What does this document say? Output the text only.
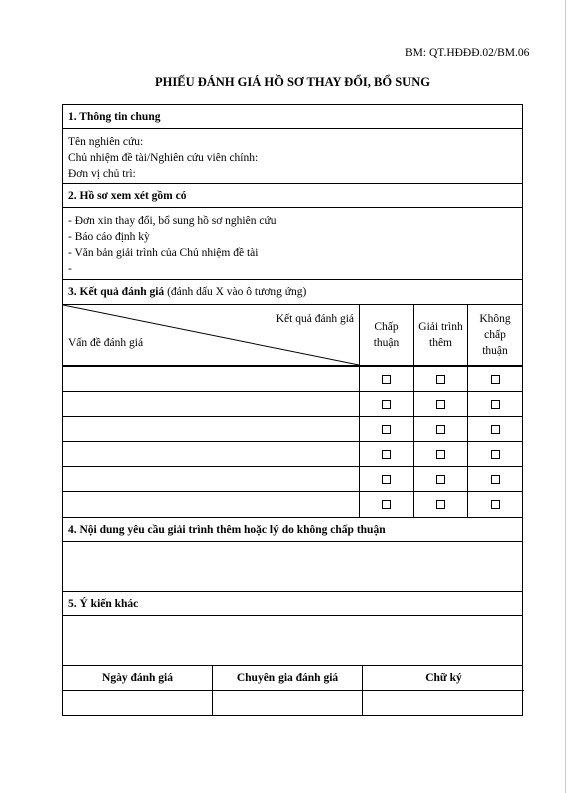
BM: QT.HĐĐĐ.02/BM.06
PHIẾU ĐÁNH GIÁ HỒ SƠ THAY ĐỔI, BỔ SUNG
1. Thông tin chung
Tên nghiên cứu:
Chủ nhiệm đề tài/Nghiên cứu viên chính:
Đơn vị chủ trì:
2. Hồ sơ xem xét gồm có
- Đơn xin thay đổi, bổ sung hồ sơ nghiên cứu
- Báo cáo định kỳ
- Văn bản giải trình của Chủ nhiệm đề tài
-
3. Kết quả đánh giá (đánh dấu X vào ô tương ứng)
Kết quả đánh giá
Vấn đề đánh giá
Chấp thuận
Giải trình thêm
Không chấp thuận
4. Nội dung yêu cầu giải trình thêm hoặc lý do không chấp thuận
5. Ý kiến khác
Ngày đánh giá	Chuyên gia đánh giá	Chữ ký
